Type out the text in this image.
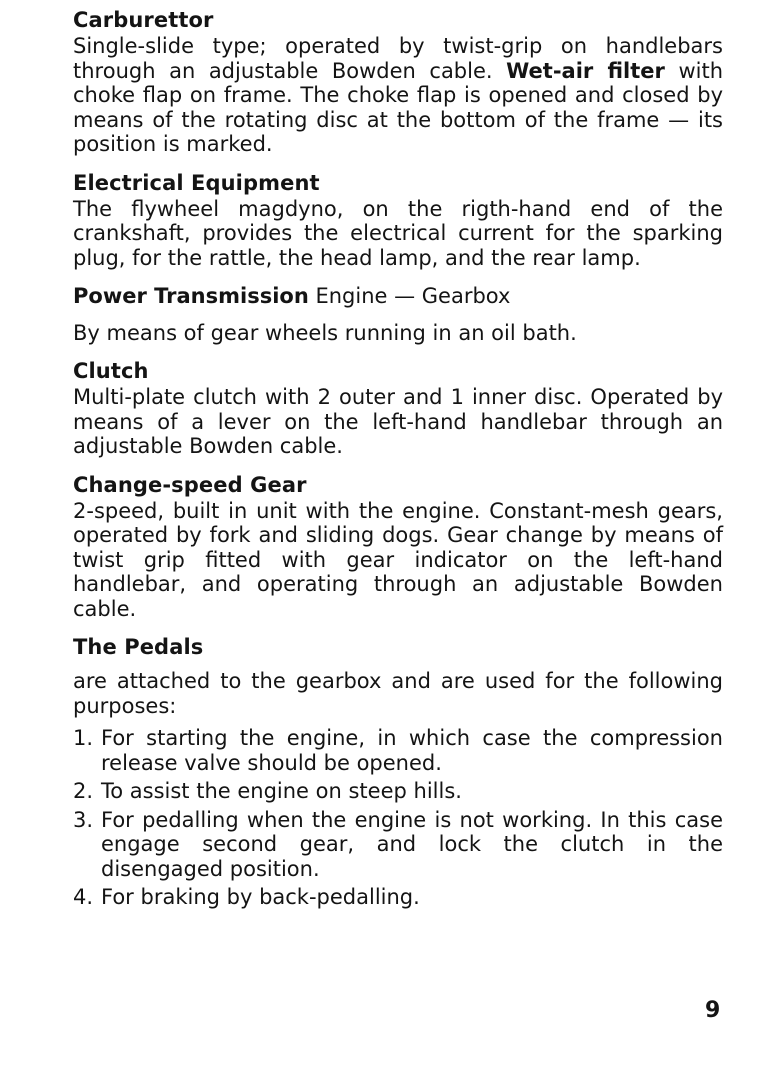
Carburettor

Single-slide type; operated by twist-grip on handlebars through an adjustable Bowden cable. Wet-air filter with choke flap on frame. The choke flap is opened and closed by means of the rotating disc at the bottom of the frame — its position is marked.

Electrical Equipment

The flywheel magdyno, on the rigth-hand end of the crankshaft, provides the electrical current for the sparking plug, for the rattle, the head lamp, and the rear lamp.

Power Transmission Engine — Gearbox

By means of gear wheels running in an oil bath.

Clutch

Multi-plate clutch with 2 outer and 1 inner disc. Operated by means of a lever on the left-hand handlebar through an adjustable Bowden cable.

Change-speed Gear

2-speed, built in unit with the engine. Constant-mesh gears, operated by fork and sliding dogs. Gear change by means of twist grip fitted with gear indicator on the left-hand handlebar, and operating through an adjustable Bowden cable.

The Pedals

are attached to the gearbox and are used for the following purposes:

1. For starting the engine, in which case the compression release valve should be opened.
2. To assist the engine on steep hills.
3. For pedalling when the engine is not working. In this case engage second gear, and lock the clutch in the disengaged position.
4. For braking by back-pedalling.
9
